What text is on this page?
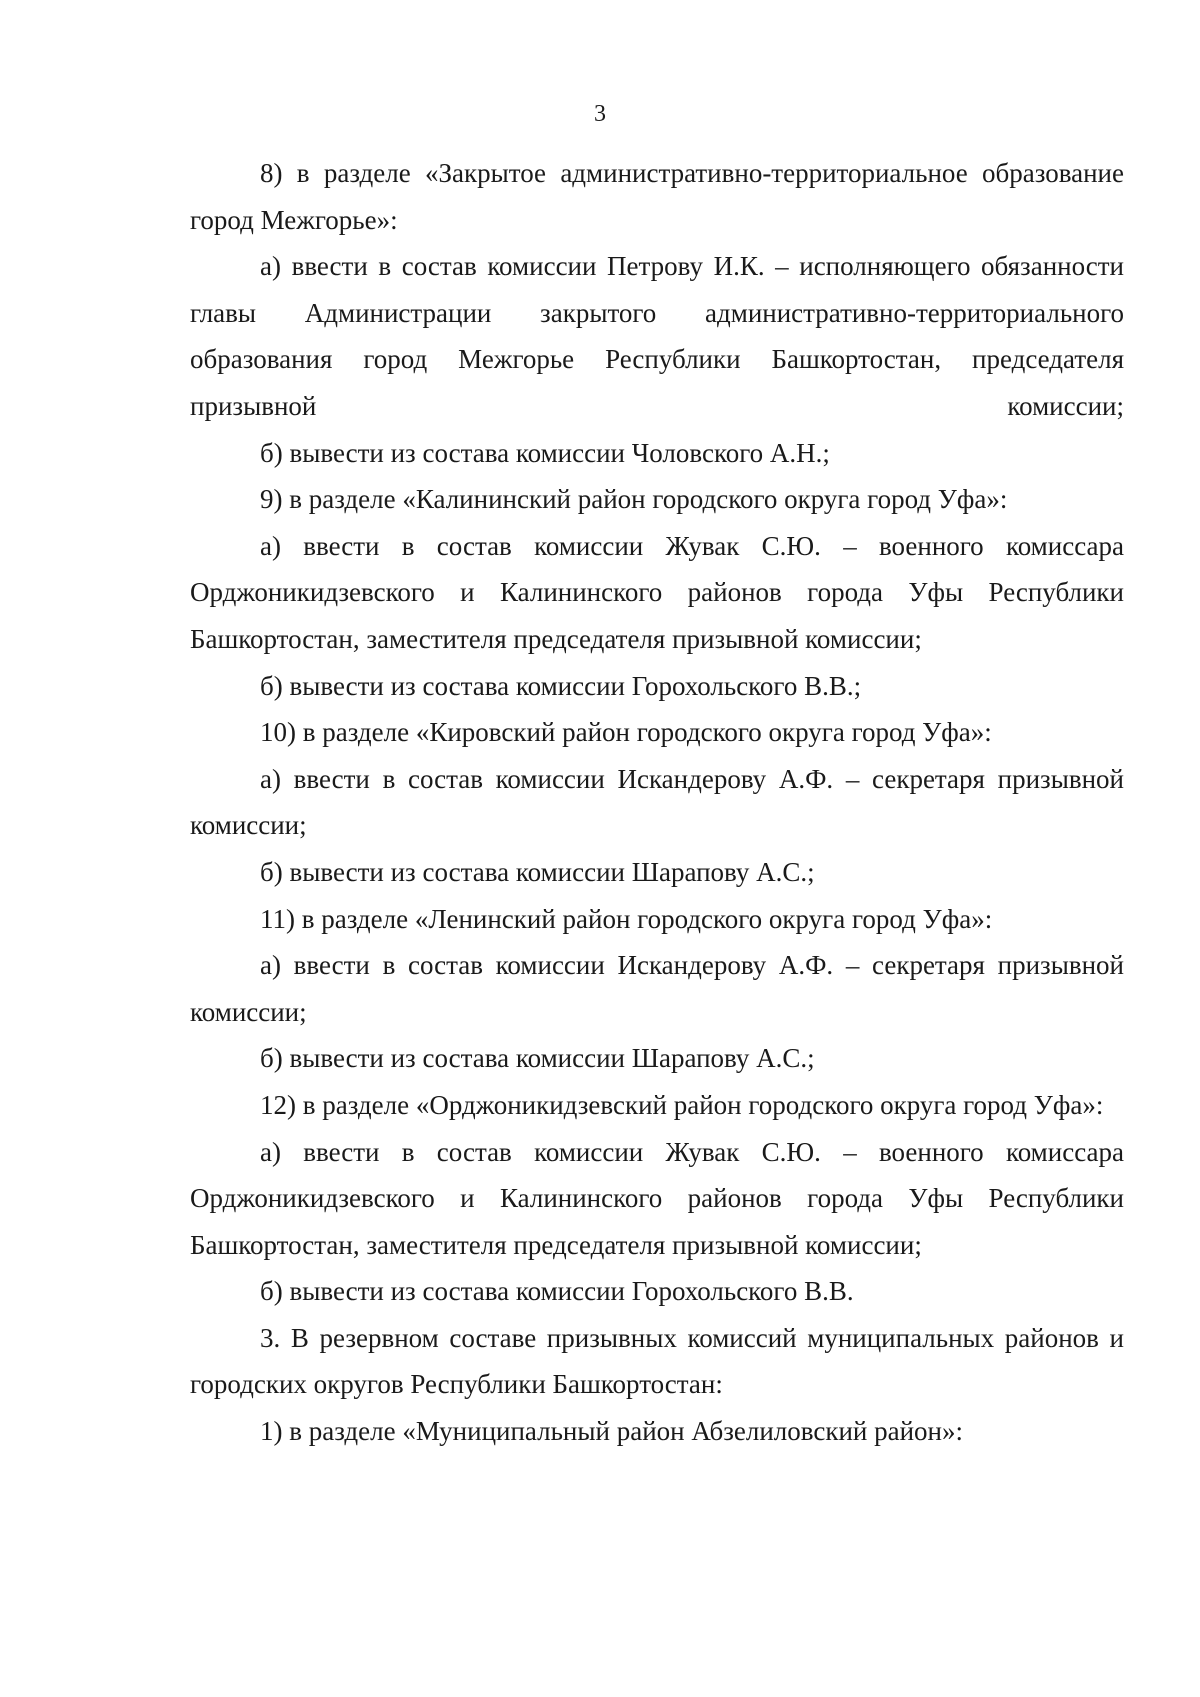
3

8) в разделе «Закрытое административно-территориальное образование город Межгорье»:

а) ввести в состав комиссии Петрову И.К. – исполняющего обязанности главы Администрации закрытого административно-территориального образования город Межгорье Республики Башкортостан, председателя призывной комиссии;

б) вывести из состава комиссии Чоловского А.Н.;

9) в разделе «Калининский район городского округа город Уфа»:

а) ввести в состав комиссии Жувак С.Ю. – военного комиссара Орджоникидзевского и Калининского районов города Уфы Республики Башкортостан, заместителя председателя призывной комиссии;

б) вывести из состава комиссии Горохольского В.В.;

10) в разделе «Кировский район городского округа город Уфа»:

а) ввести в состав комиссии Искандерову А.Ф. – секретаря призывной комиссии;

б) вывести из состава комиссии Шарапову А.С.;

11) в разделе «Ленинский район городского округа город Уфа»:

а) ввести в состав комиссии Искандерову А.Ф. – секретаря призывной комиссии;

б) вывести из состава комиссии Шарапову А.С.;

12) в разделе «Орджоникидзевский район городского округа город Уфа»:

а) ввести в состав комиссии Жувак С.Ю. – военного комиссара Орджоникидзевского и Калининского районов города Уфы Республики Башкортостан, заместителя председателя призывной комиссии;

б) вывести из состава комиссии Горохольского В.В.

3. В резервном составе призывных комиссий муниципальных районов и городских округов Республики Башкортостан:

1) в разделе «Муниципальный район Абзелиловский район»:
